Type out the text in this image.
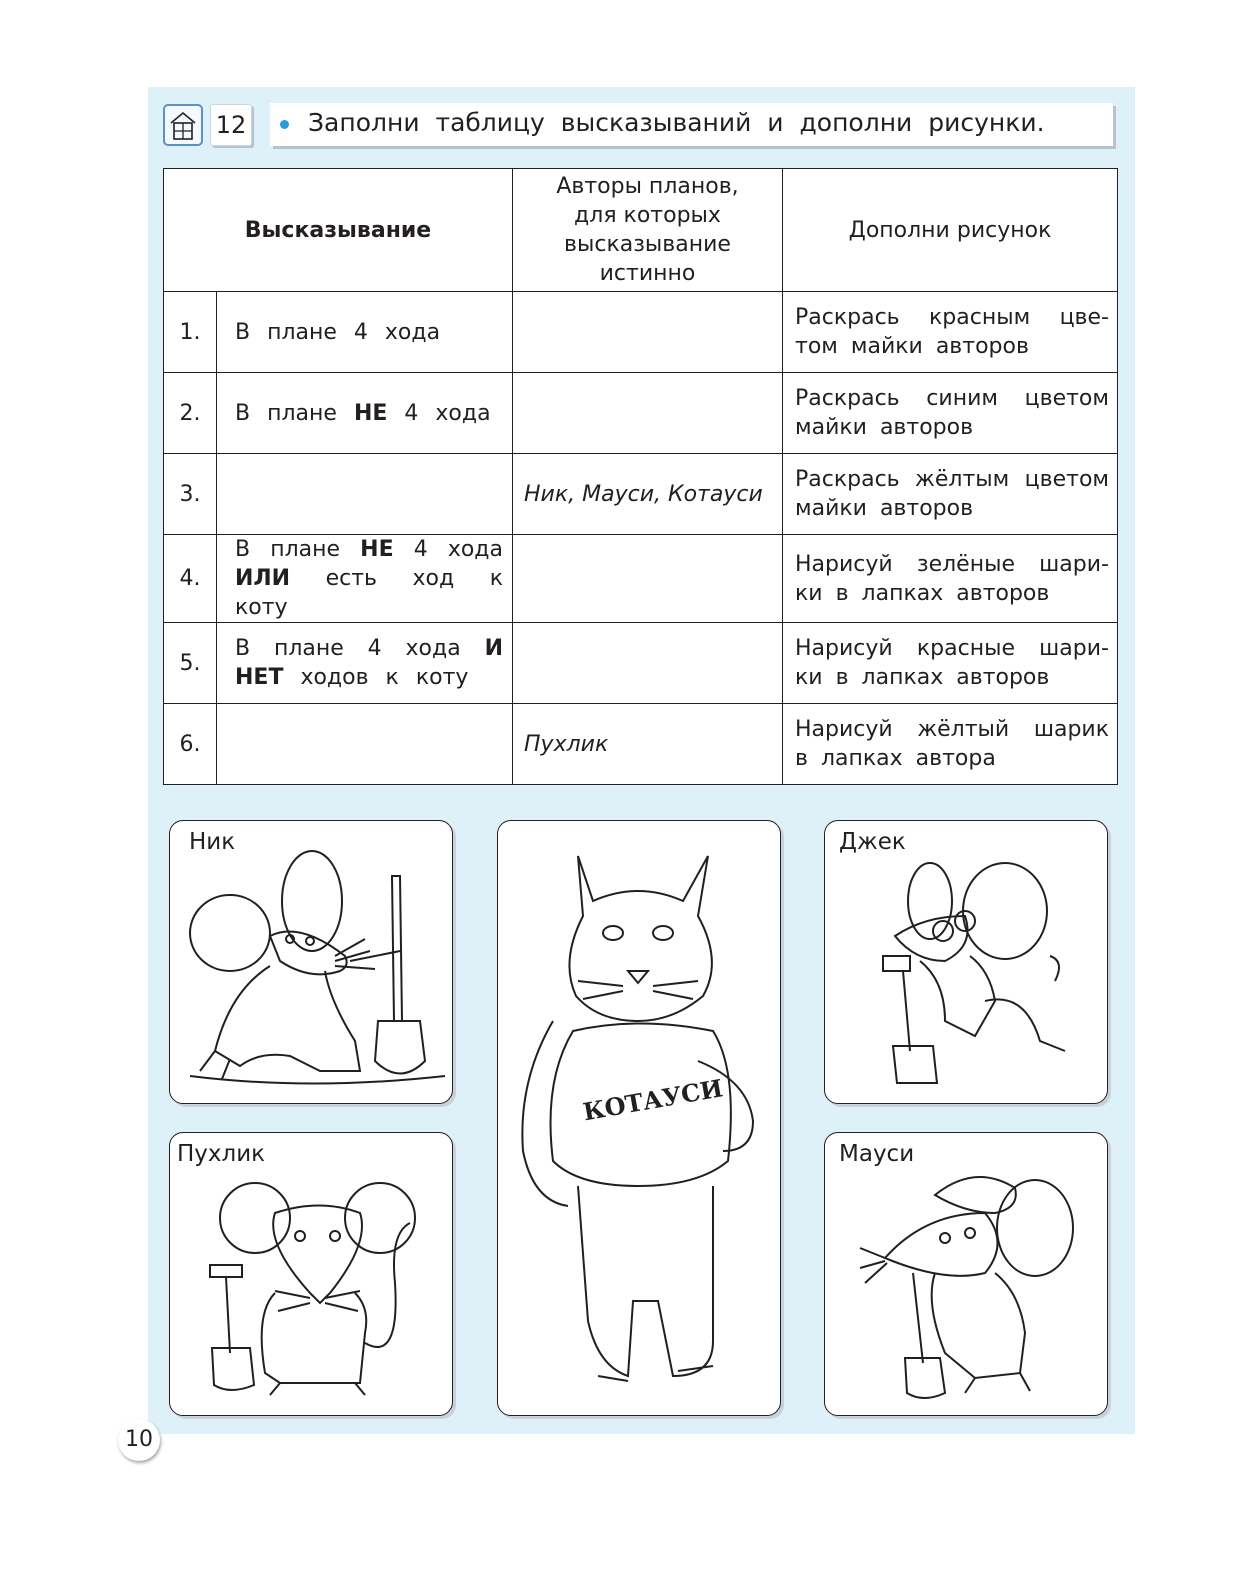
12 Заполни таблицу высказываний и дополни рисунки.
Высказывание		Авторы планов, для которых высказывание истинно	Дополни рисунок
1.	В плане 4 хода		Раскрась красным цве- том майки авторов
2.	В плане НЕ 4 хода		Раскрась синим цветом майки авторов
3.		Ник, Мауси, Котауси	Раскрась жёлтым цветом майки авторов
4.	В плане НЕ 4 хода ИЛИ есть ход к коту		Нарисуй зелёные шари- ки в лапках авторов
5.	В плане 4 хода И НЕТ ходов к коту		Нарисуй красные шари- ки в лапках авторов
6.		Пухлик	Нарисуй жёлтый шарик в лапках автора
Ник	Джек
КОТАУСИ
Пухлик	Мауси
10
